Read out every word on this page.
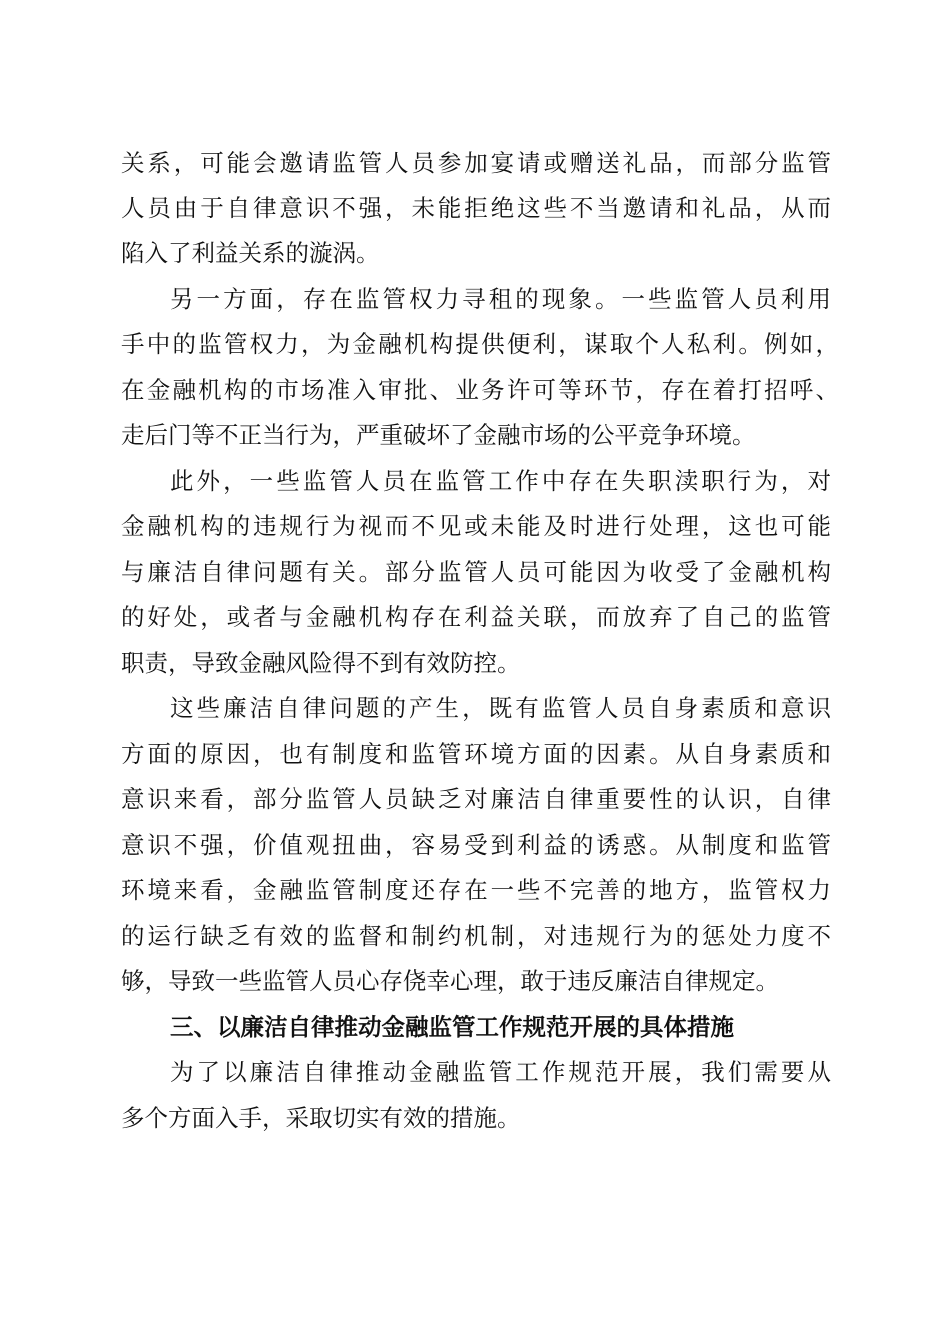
关系，可能会邀请监管人员参加宴请或赠送礼品，而部分监管
人员由于自律意识不强，未能拒绝这些不当邀请和礼品，从而
陷入了利益关系的漩涡。
另一方面，存在监管权力寻租的现象。一些监管人员利用
手中的监管权力，为金融机构提供便利，谋取个人私利。例如，
在金融机构的市场准入审批、业务许可等环节，存在着打招呼、
走后门等不正当行为，严重破坏了金融市场的公平竞争环境。
此外，一些监管人员在监管工作中存在失职渎职行为，对
金融机构的违规行为视而不见或未能及时进行处理，这也可能
与廉洁自律问题有关。部分监管人员可能因为收受了金融机构
的好处，或者与金融机构存在利益关联，而放弃了自己的监管
职责，导致金融风险得不到有效防控。
这些廉洁自律问题的产生，既有监管人员自身素质和意识
方面的原因，也有制度和监管环境方面的因素。从自身素质和
意识来看，部分监管人员缺乏对廉洁自律重要性的认识，自律
意识不强，价值观扭曲，容易受到利益的诱惑。从制度和监管
环境来看，金融监管制度还存在一些不完善的地方，监管权力
的运行缺乏有效的监督和制约机制，对违规行为的惩处力度不
够，导致一些监管人员心存侥幸心理，敢于违反廉洁自律规定。
三、以廉洁自律推动金融监管工作规范开展的具体措施
为了以廉洁自律推动金融监管工作规范开展，我们需要从
多个方面入手，采取切实有效的措施。
